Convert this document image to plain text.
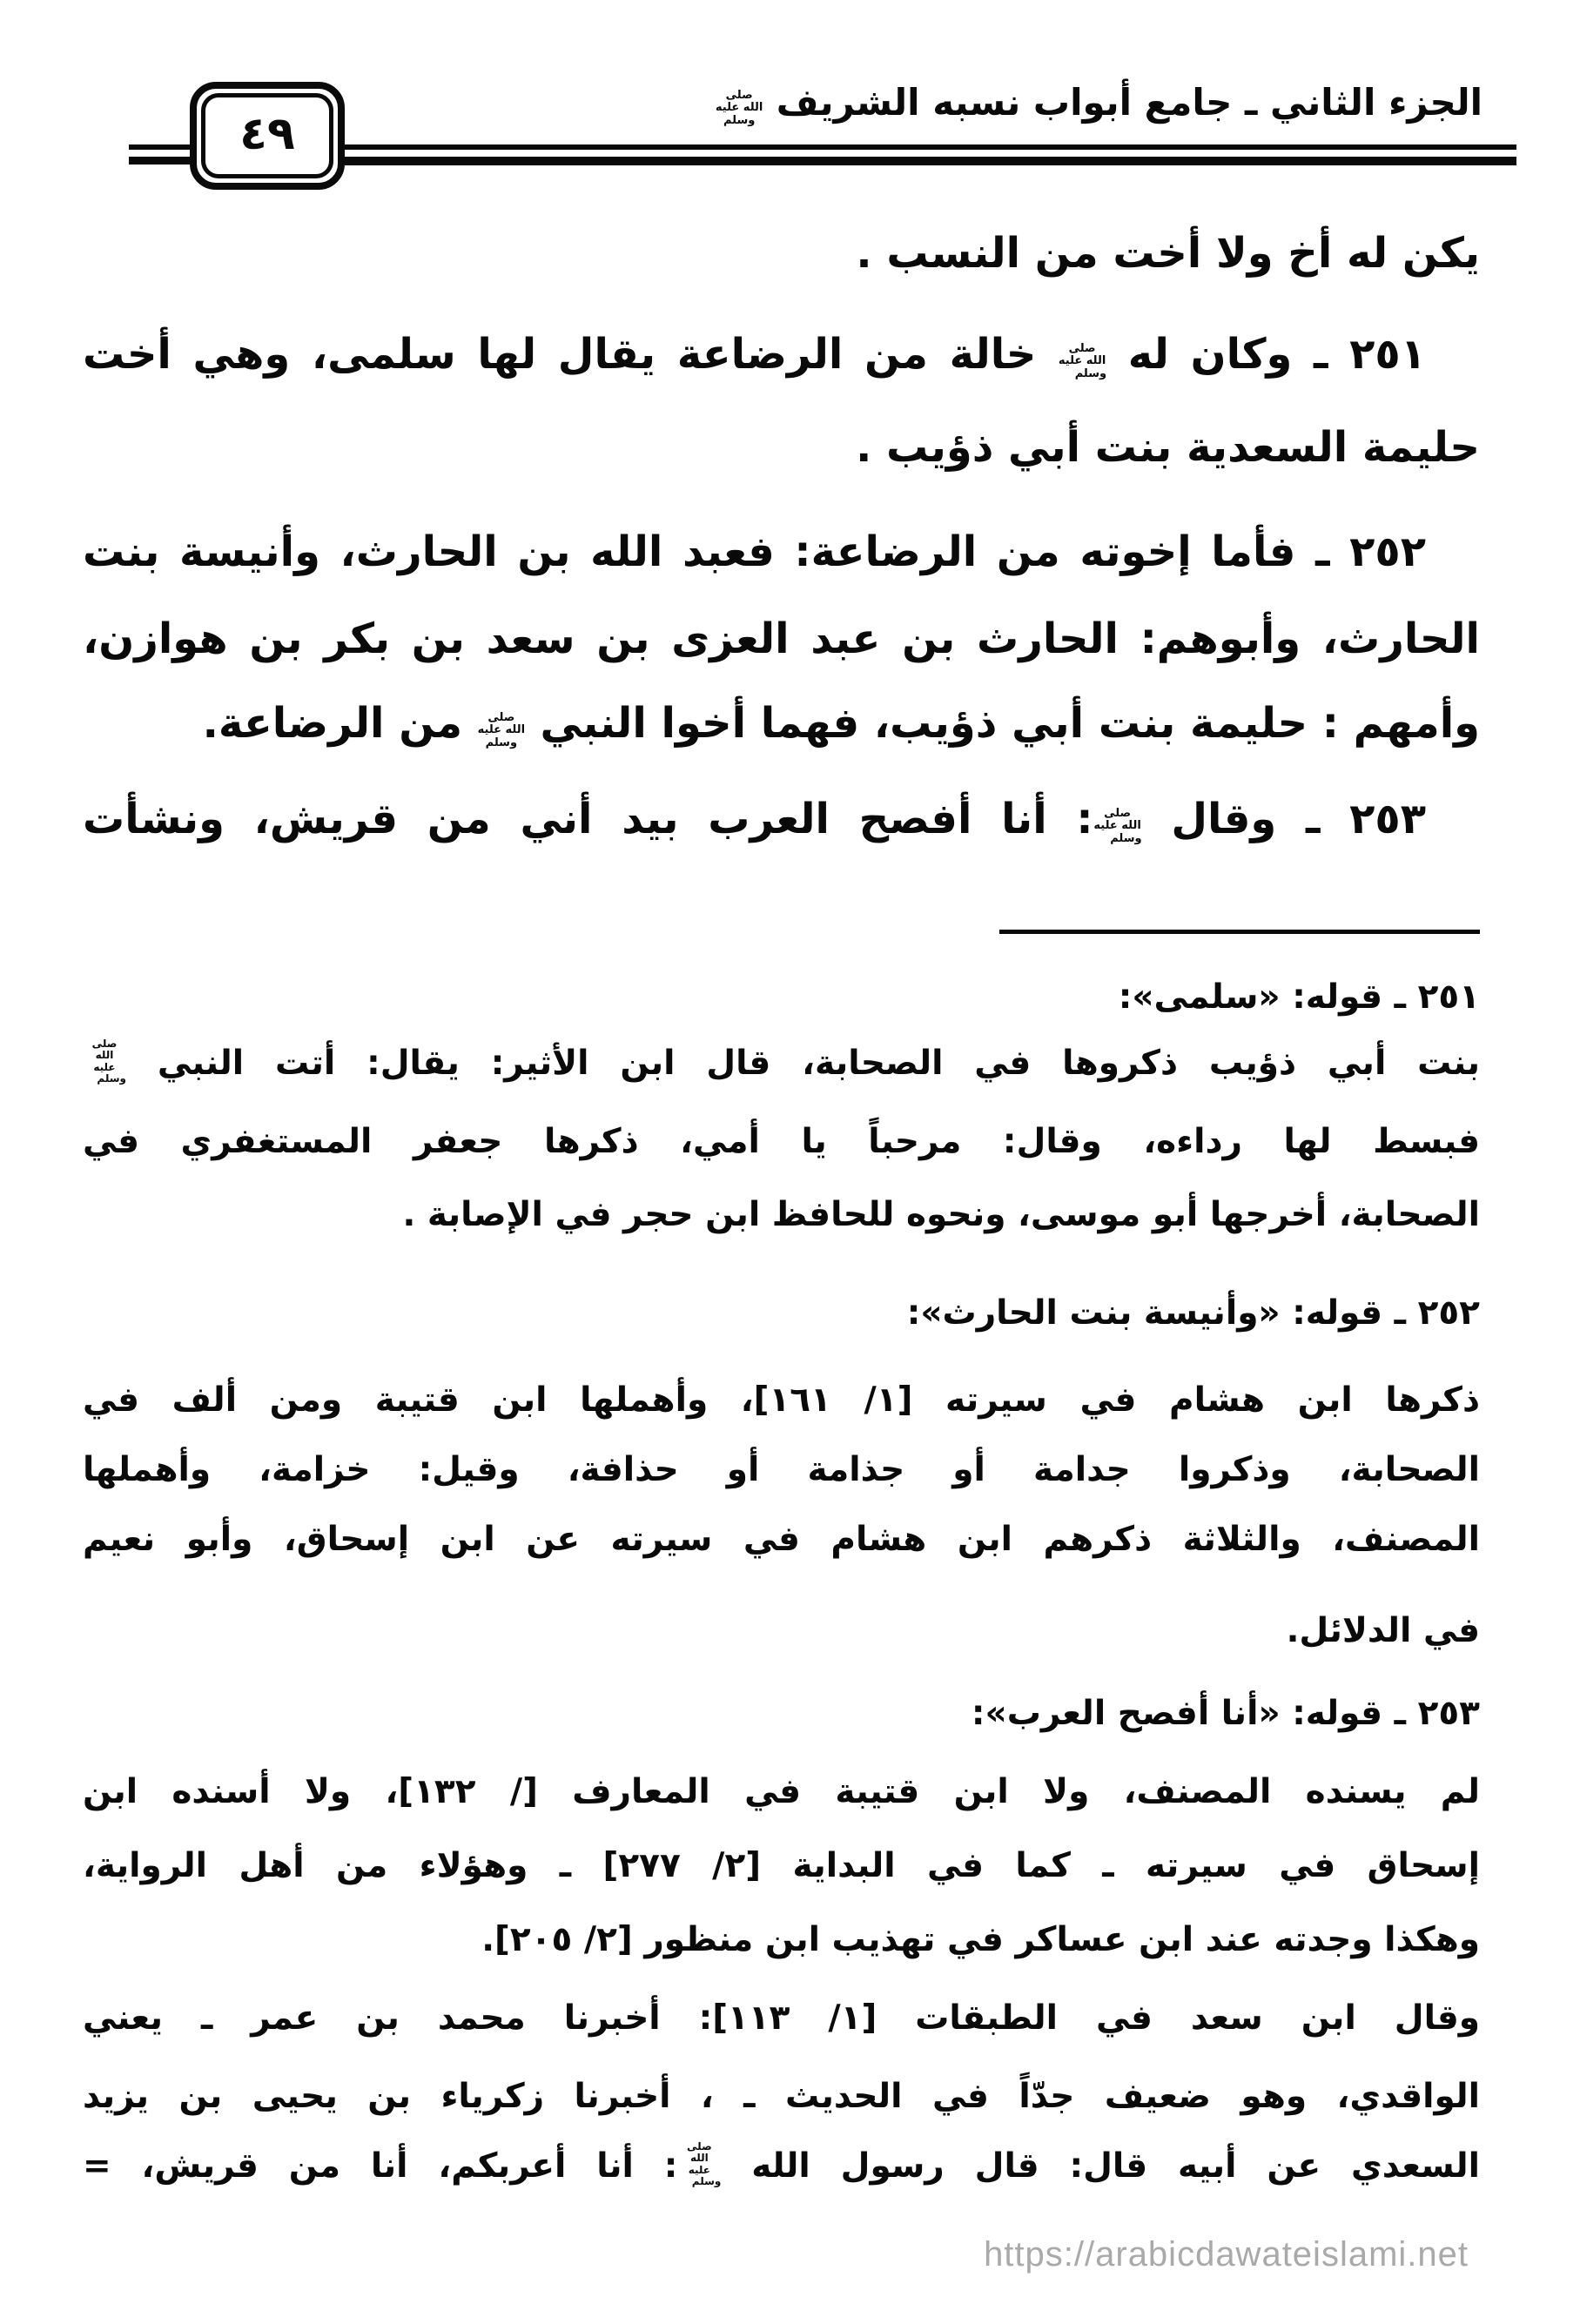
الجزء الثاني ـ جامع أبواب نسبه الشريف صلى الله عليه وسلم
٤٩
يكن له أخ ولا أخت من النسب .
٢٥١ ـ وكان له صلى الله عليه وسلم خالة من الرضاعة يقال لها سلمى، وهي أخت
حليمة السعدية بنت أبي ذؤيب .
٢٥٢ ـ فأما إخوته من الرضاعة: فعبد الله بن الحارث، وأنيسة بنت
الحارث، وأبوهم: الحارث بن عبد العزى بن سعد بن بكر بن هوازن،
وأمهم : حليمة بنت أبي ذؤيب، فهما أخوا النبي صلى الله عليه وسلم من الرضاعة.
٢٥٣ ـ وقال صلى الله عليه وسلم: أنا أفصح العرب بيد أني من قريش، ونشأت
٢٥١ ـ قوله: «سلمى»:
بنت أبي ذؤيب ذكروها في الصحابة، قال ابن الأثير: يقال: أتت النبي صلى الله عليه وسلم
فبسط لها رداءه، وقال: مرحباً يا أمي، ذكرها جعفر المستغفري في
الصحابة، أخرجها أبو موسى، ونحوه للحافظ ابن حجر في الإصابة .
٢٥٢ ـ قوله: «وأنيسة بنت الحارث»:
ذكرها ابن هشام في سيرته [١/ ١٦١]، وأهملها ابن قتيبة ومن ألف في
الصحابة، وذكروا جدامة أو جذامة أو حذافة، وقيل: خزامة، وأهملها
المصنف، والثلاثة ذكرهم ابن هشام في سيرته عن ابن إسحاق، وأبو نعيم
في الدلائل.
٢٥٣ ـ قوله: «أنا أفصح العرب»:
لم يسنده المصنف، ولا ابن قتيبة في المعارف [/ ١٣٢]، ولا أسنده ابن
إسحاق في سيرته ـ كما في البداية [٢/ ٢٧٧] ـ وهؤلاء من أهل الرواية،
وهكذا وجدته عند ابن عساكر في تهذيب ابن منظور [٢/ ٢٠٥].
وقال ابن سعد في الطبقات [١/ ١١٣]: أخبرنا محمد بن عمر ـ يعني
الواقدي، وهو ضعيف جدّاً في الحديث ـ ، أخبرنا زكرياء بن يحيى بن يزيد
السعدي عن أبيه قال: قال رسول الله صلى الله عليه وسلم: أنا أعربكم، أنا من قريش، =
https://arabicdawateislami.net
